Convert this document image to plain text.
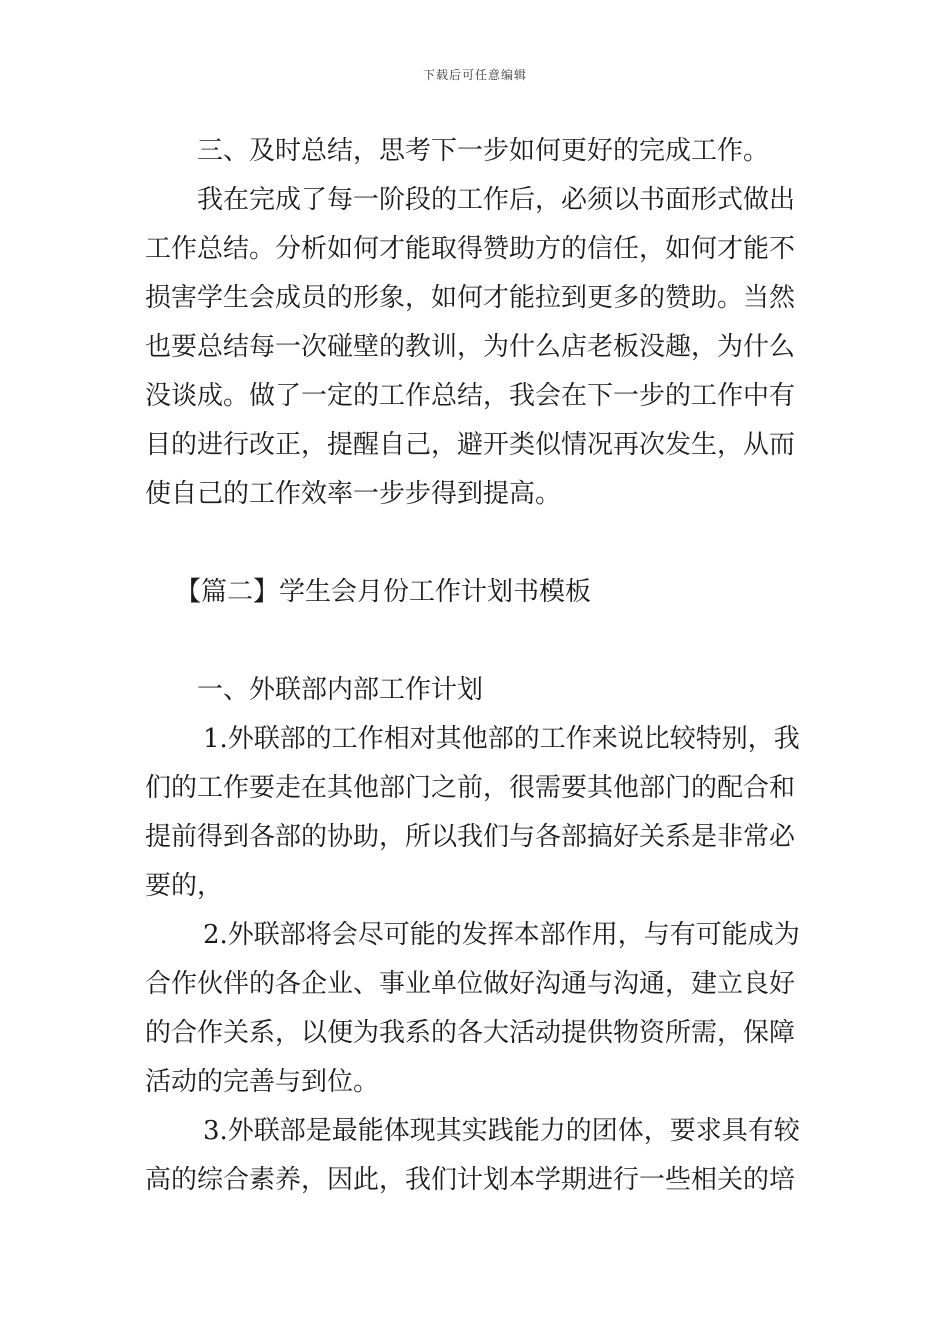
下载后可任意编辑
三、及时总结，思考下一步如何更好的完成工作。
我在完成了每一阶段的工作后，必须以书面形式做出
工作总结。分析如何才能取得赞助方的信任，如何才能不
损害学生会成员的形象，如何才能拉到更多的赞助。当然
也要总结每一次碰壁的教训，为什么店老板没趣，为什么
没谈成。做了一定的工作总结，我会在下一步的工作中有
目的进行改正，提醒自己，避开类似情况再次发生，从而
使自己的工作效率一步步得到提高。
【篇二】学生会月份工作计划书模板
一、外联部内部工作计划
1.外联部的工作相对其他部的工作来说比较特别，我
们的工作要走在其他部门之前，很需要其他部门的配合和
提前得到各部的协助，所以我们与各部搞好关系是非常必
要的，
2.外联部将会尽可能的发挥本部作用，与有可能成为
合作伙伴的各企业、事业单位做好沟通与沟通，建立良好
的合作关系，以便为我系的各大活动提供物资所需，保障
活动的完善与到位。
3.外联部是最能体现其实践能力的团体，要求具有较
高的综合素养，因此，我们计划本学期进行一些相关的培
